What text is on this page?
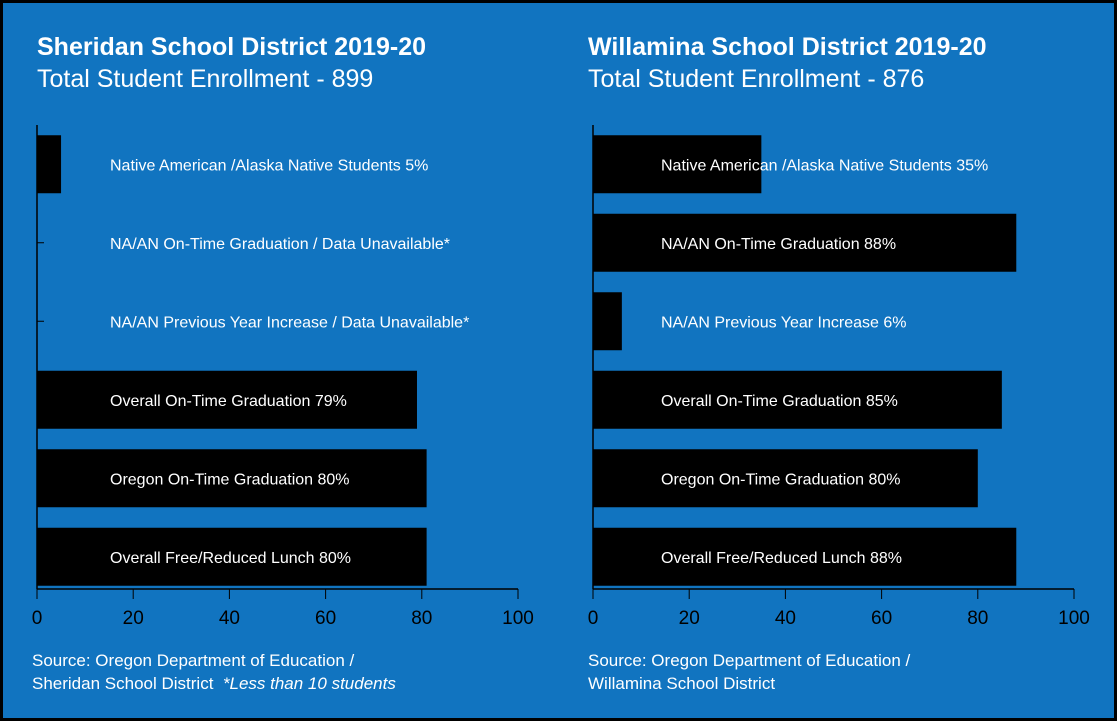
Sheridan School District 2019-20
Total Student Enrollment - 899
Native American /Alaska Native Students 5%
NA/AN On-Time Graduation / Data Unavailable*
NA/AN Previous Year Increase / Data Unavailable*
Overall On-Time Graduation 79%
Oregon On-Time Graduation 80%
Overall Free/Reduced Lunch 80%
0	20	40	60	80	100
Source: Oregon Department of Education /
Sheridan School District *Less than 10 students
Willamina School District 2019-20
Total Student Enrollment - 876
Native American /Alaska Native Students 35%
NA/AN On-Time Graduation 88%
NA/AN Previous Year Increase 6%
Overall On-Time Graduation 85%
Oregon On-Time Graduation 80%
Overall Free/Reduced Lunch 88%
0	20	40	60	80	100
Source: Oregon Department of Education /
Willamina School District
